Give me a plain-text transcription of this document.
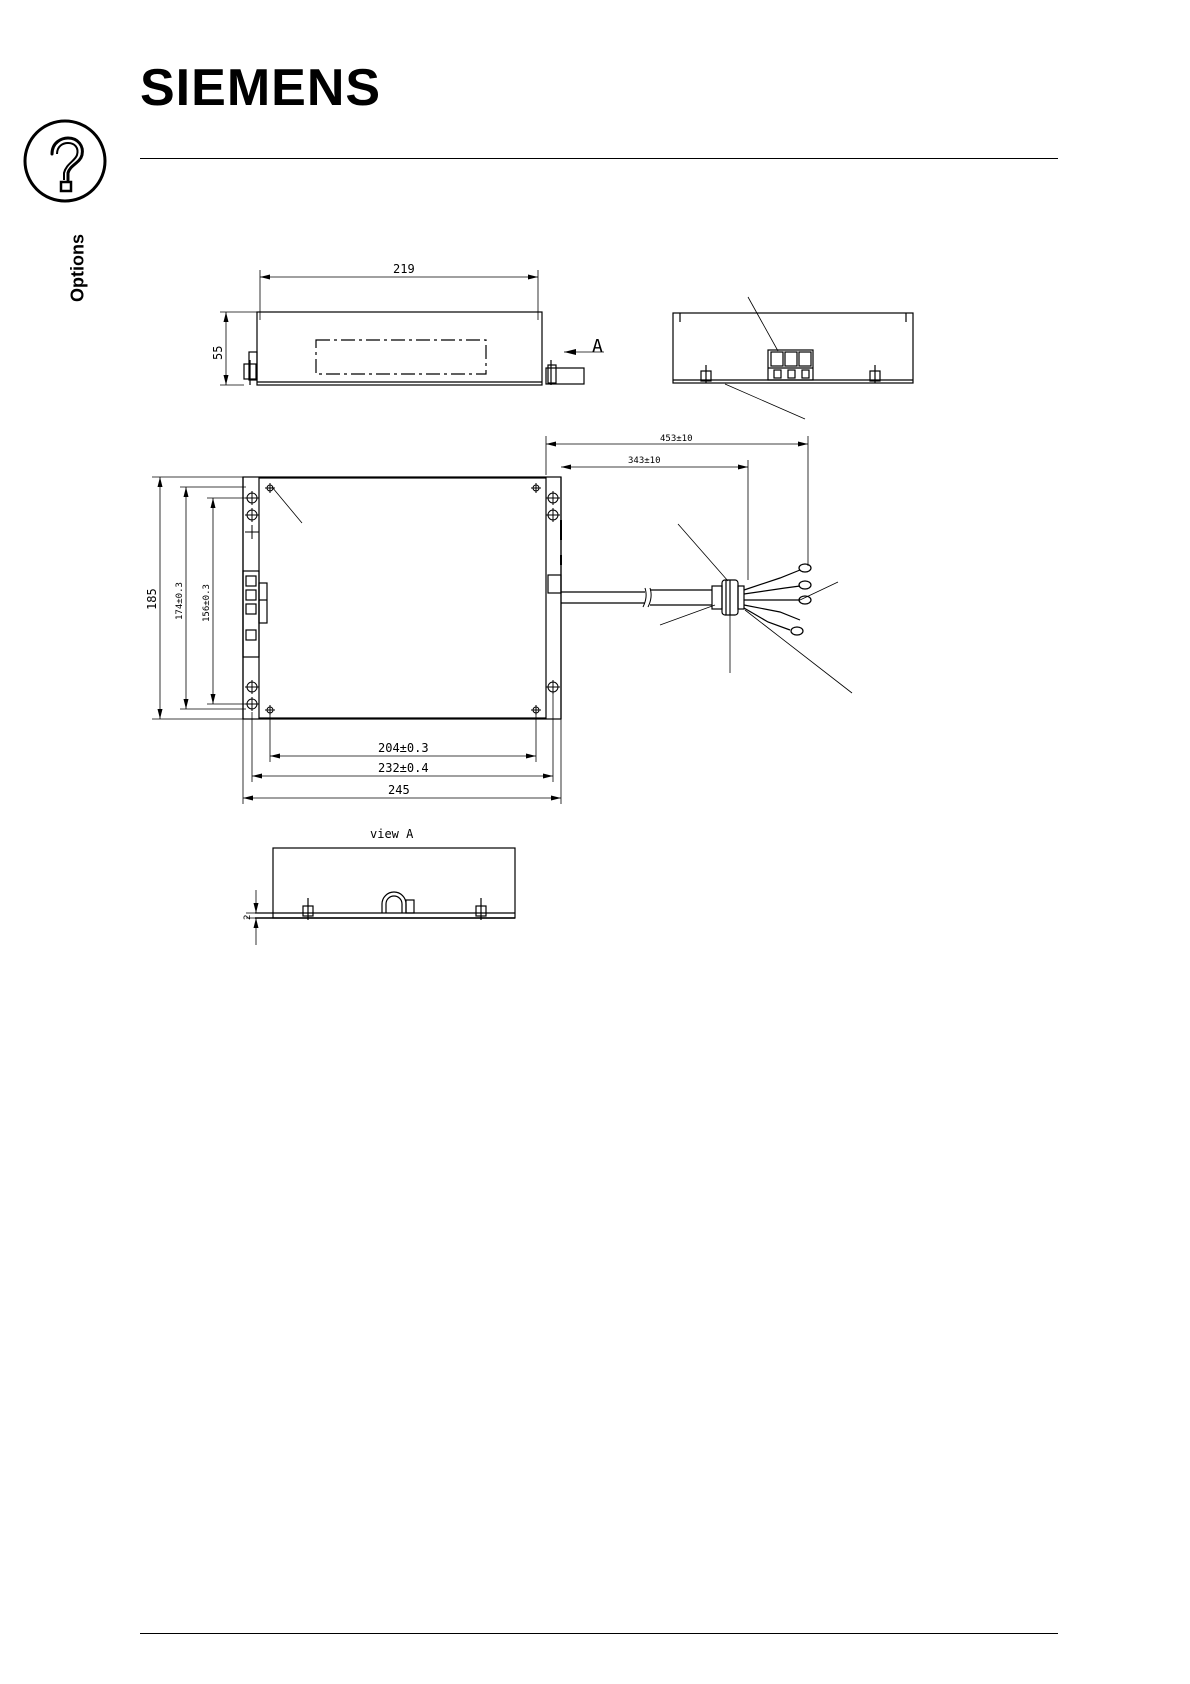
SIEMENS
Options	219
55	A
453±10
343±10
185 174±0.3 156±0.3
204±0.3
232±0.4
245
view A
2
